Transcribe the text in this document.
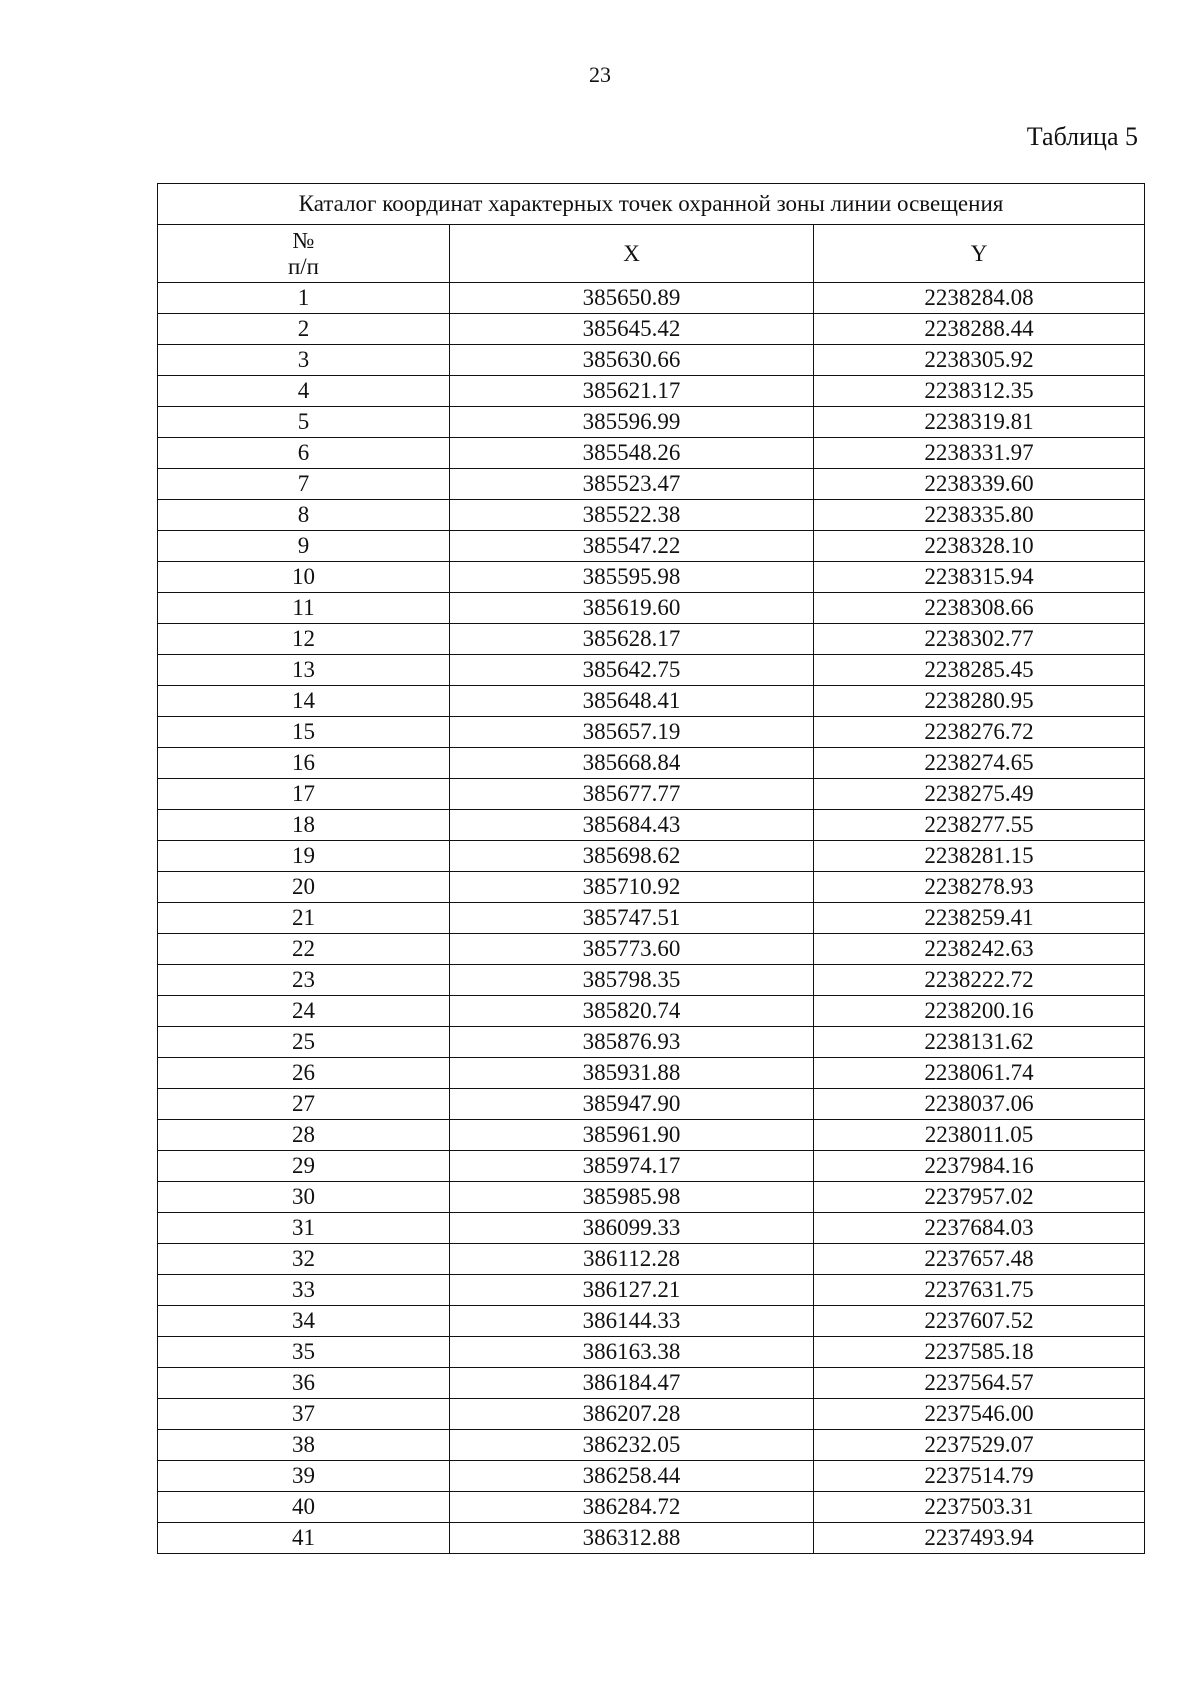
23
Таблица 5
Каталог координат характерных точек охранной зоны линии освещения		

№
п/п	X	Y
1	385650.89	2238284.08
2	385645.42	2238288.44
3	385630.66	2238305.92
4	385621.17	2238312.35
5	385596.99	2238319.81
6	385548.26	2238331.97
7	385523.47	2238339.60
8	385522.38	2238335.80
9	385547.22	2238328.10
10	385595.98	2238315.94
11	385619.60	2238308.66
12	385628.17	2238302.77
13	385642.75	2238285.45
14	385648.41	2238280.95
15	385657.19	2238276.72
16	385668.84	2238274.65
17	385677.77	2238275.49
18	385684.43	2238277.55
19	385698.62	2238281.15
20	385710.92	2238278.93
21	385747.51	2238259.41
22	385773.60	2238242.63
23	385798.35	2238222.72
24	385820.74	2238200.16
25	385876.93	2238131.62
26	385931.88	2238061.74
27	385947.90	2238037.06
28	385961.90	2238011.05
29	385974.17	2237984.16
30	385985.98	2237957.02
31	386099.33	2237684.03
32	386112.28	2237657.48
33	386127.21	2237631.75
34	386144.33	2237607.52
35	386163.38	2237585.18
36	386184.47	2237564.57
37	386207.28	2237546.00
38	386232.05	2237529.07
39	386258.44	2237514.79
40	386284.72	2237503.31
41	386312.88	2237493.94
